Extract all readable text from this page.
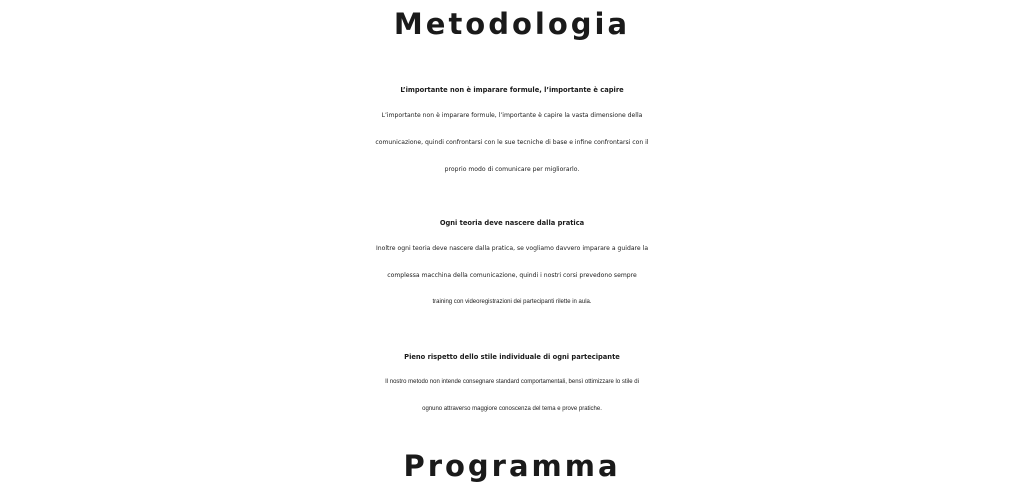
Metodologia
L’importante non è imparare formule, l’importante è capire

L’importante non è imparare formule, l’importante è capire la vasta dimensione della
comunicazione, quindi confrontarsi con le sue tecniche di base e infine confrontarsi con il
proprio modo di comunicare per migliorarlo.

Ogni teoria deve nascere dalla pratica

Inoltre ogni teoria deve nascere dalla pratica, se vogliamo davvero imparare a guidare la
complessa macchina della comunicazione, quindi i nostri corsi prevedono sempre
training con videoregistrazioni dei partecipanti rilette in aula.

Pieno rispetto dello stile individuale di ogni partecipante

Il nostro metodo non intende consegnare standard comportamentali, bensì ottimizzare lo stile di
ognuno attraverso maggiore conoscenza del tema e prove pratiche.

Programma
